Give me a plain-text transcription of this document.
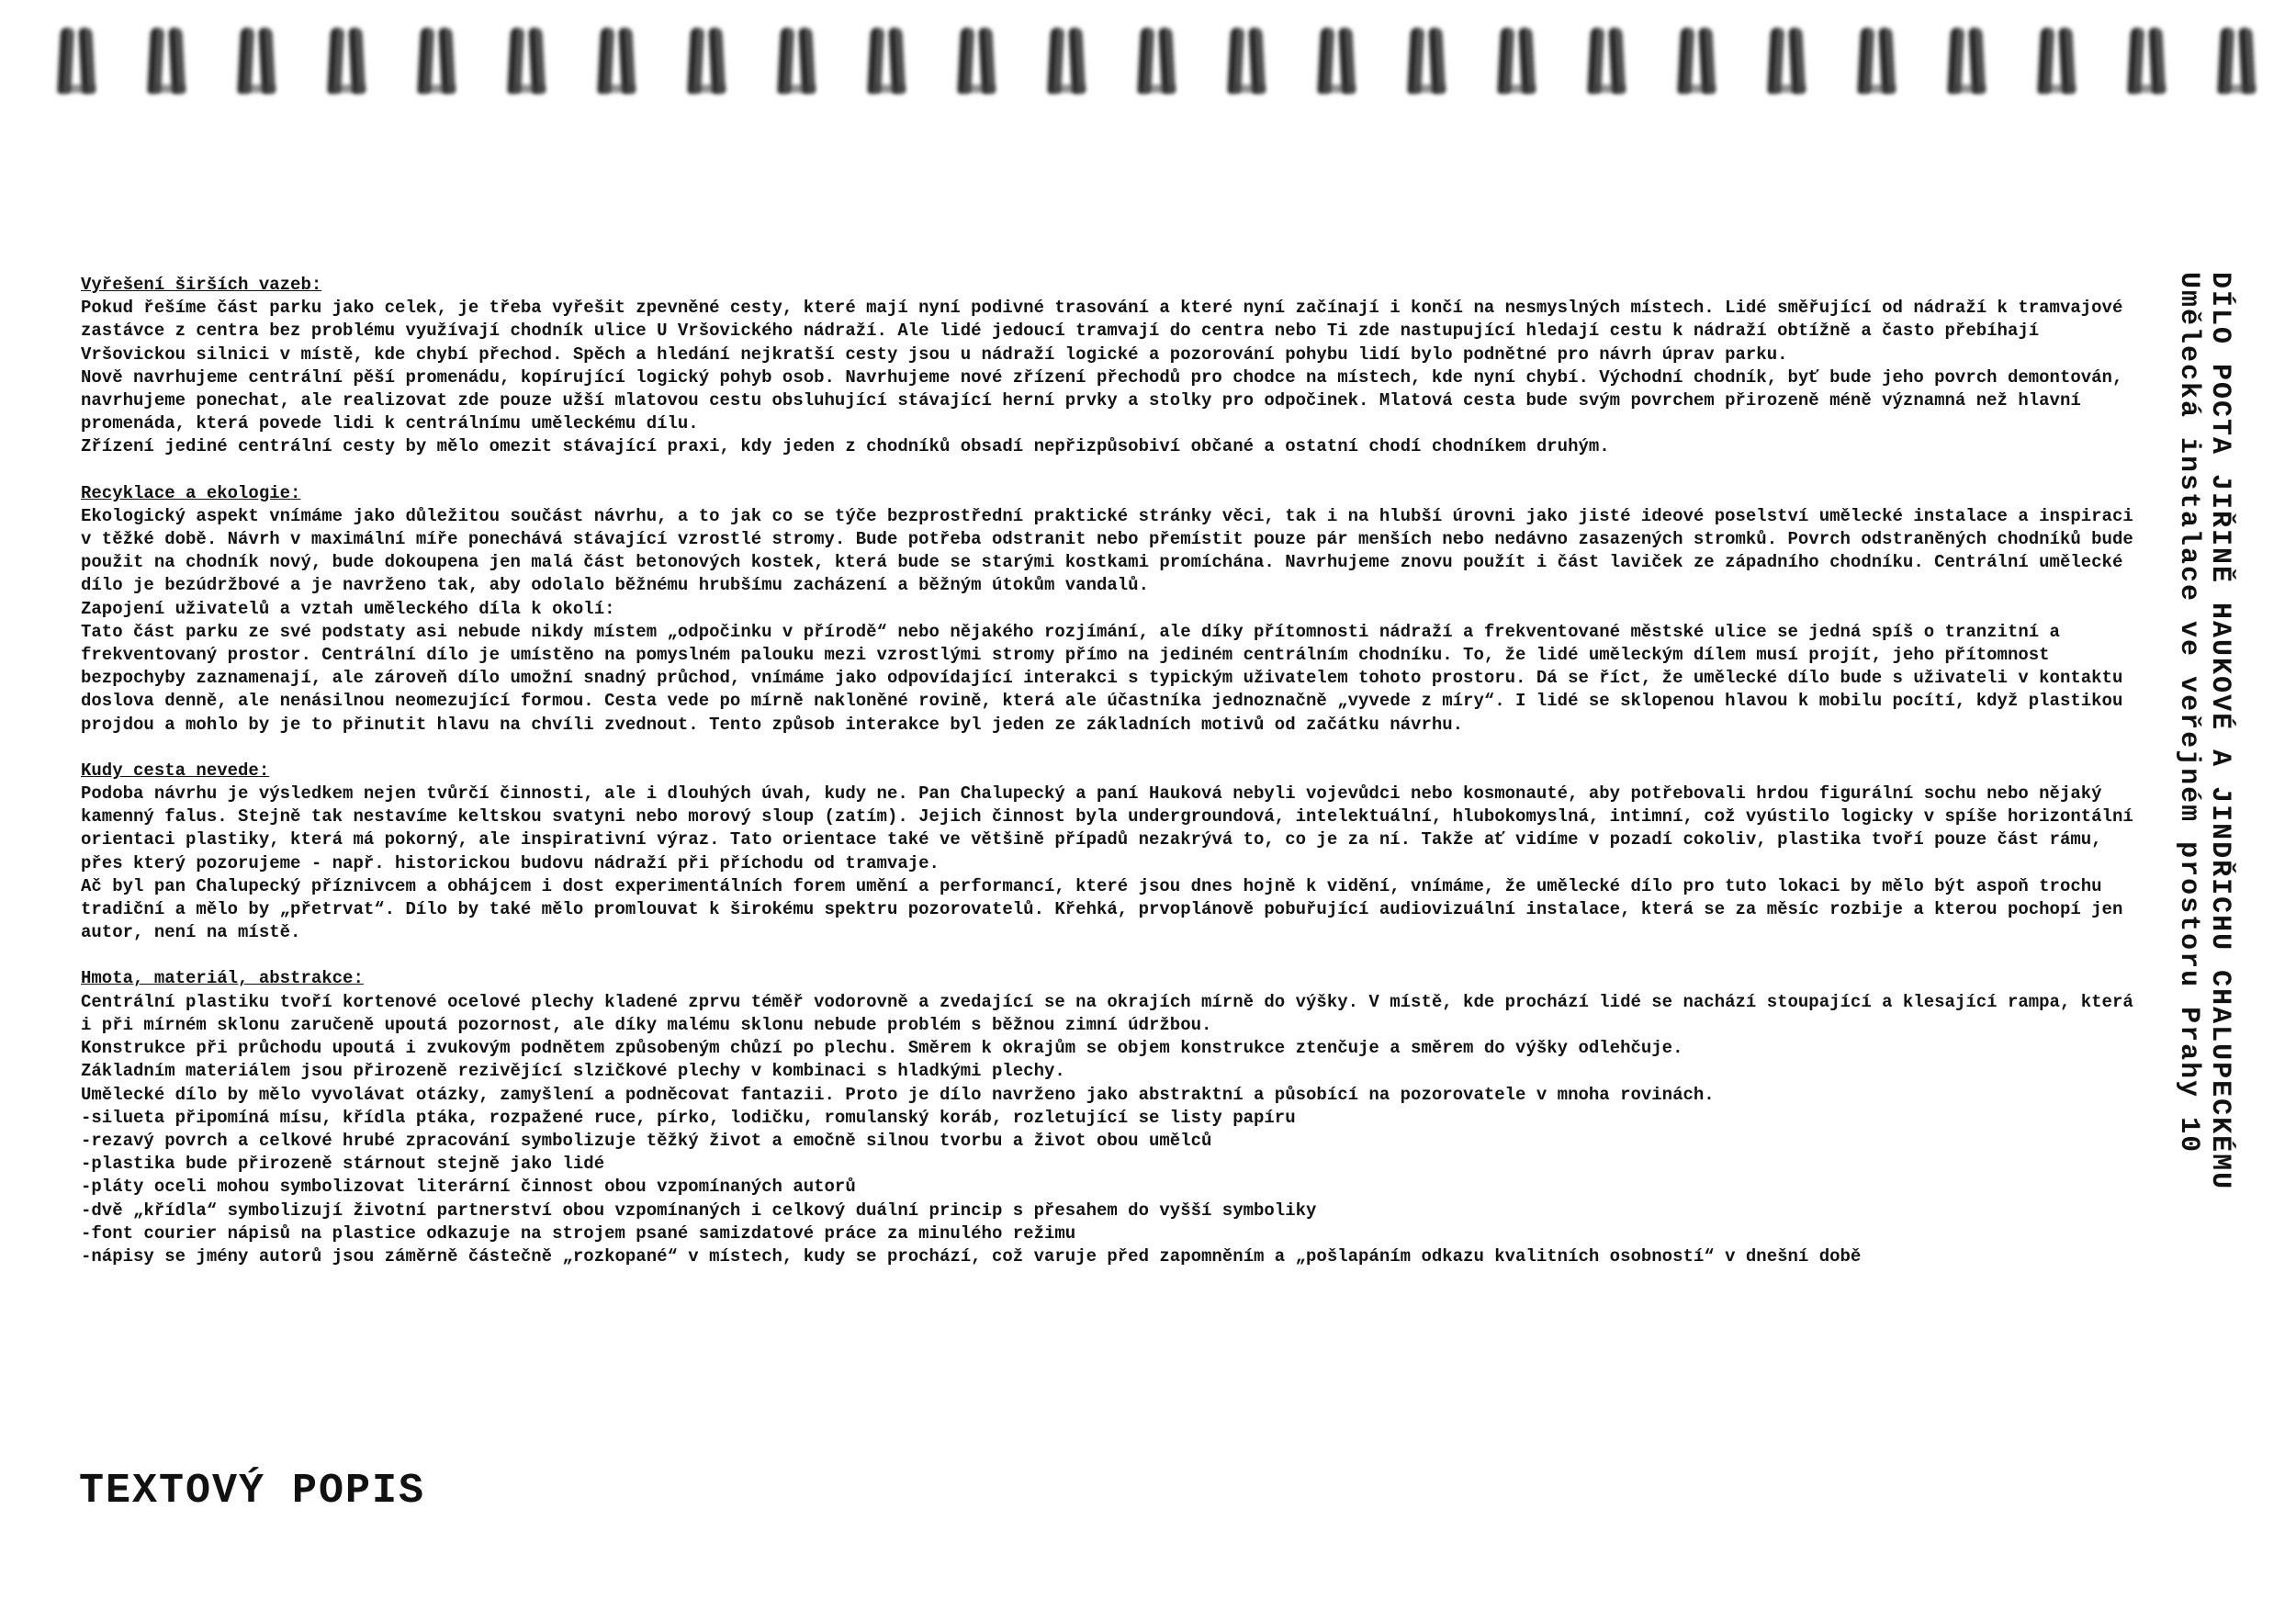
Vyřešení širších vazeb :
Pokud řešíme část parku jako celek, je třeba vyřešit zpevněné cesty, které mají nyní podivné trasování a které nyní začínají i končí na nesmyslných místech. Lidé směřující od nádraží k tramvajové zastávce z centra bez problému využívají chodník ulice U Vršovického nádraží. Ale lidé jedoucí tramvají do centra nebo Ti zde nastupující hledají cestu k nádraží obtížně a často přebíhají Vršovickou silnici v místě, kde chybí přechod. Spěch a hledání nejkratší cesty jsou u nádraží logické a pozorování pohybu lidí bylo podnětné pro návrh úprav parku.
Nově navrhujeme centrální pěší promenádu, kopírující logický pohyb osob. Navrhujeme nové zřízení přechodů pro chodce na místech, kde nyní chybí. Východní chodník, byť bude jeho povrch demontován, navrhujeme ponechat, ale realizovat zde pouze užší mlatovou cestu obsluhující stávající herní prvky a stolky pro odpočinek. Mlatová cesta bude svým povrchem přirozeně méně významná než hlavní promenáda, která povede lidi k centrálnímu uměleckému dílu.
Zřízení jediné centrální cesty by mělo omezit stávající praxi, kdy jeden z chodníků obsadí nepřizpůsobiví občané a ostatní chodí chodníkem druhým.
Recyklace a ekologie :
Ekologický aspekt vnímáme jako důležitou součást návrhu, a to jak co se týče bezprostřední praktické stránky věci, tak i na hlubší úrovni jako jisté ideové poselství umělecké instalace a inspiraci v těžké době. Návrh v maximální míře ponechává stávající vzrostlé stromy. Bude potřeba odstranit nebo přemístit pouze pár menších nebo nedávno zasazených stromků. Povrch odstraněných chodníků bude použit na chodník nový, bude dokoupena jen malá část betonových kostek, která bude se starými kostkami promíchána. Navrhujeme znovu použít i část laviček ze západního chodníku. Centrální umělecké dílo je bezúdržbové a je navrženo tak, aby odolalo běžnému hrubšímu zacházení a běžným útokům vandalů.
Zapojení uživatelů a vztah uměleckého díla k okolí:
Tato část parku ze své podstaty asi nebude nikdy místem „odpočinku v přírodě“ nebo nějakého rozjímání, ale díky přítomnosti nádraží a frekventované městské ulice se jedná spíš o tranzitní a frekventovaný prostor. Centrální dílo je umístěno na pomyslném palouku mezi vzrostlými stromy přímo na jediném centrálním chodníku. To, že lidé uměleckým dílem musí projít, jeho přítomnost bezpochyby zaznamenají, ale zároveň dílo umožní snadný průchod, vnímáme jako odpovídající interakci s typickým uživatelem tohoto prostoru. Dá se říct, že umělecké dílo bude s uživateli v kontaktu doslova denně, ale nenásilnou neomezující formou. Cesta vede po mírně nakloněné rovině, která ale účastníka jednoznačně „vyvede z míry“. I lidé se sklopenou hlavou k mobilu pocítí, když plastikou projdou a mohlo by je to přinutit hlavu na chvíli zvednout. Tento způsob interakce byl jeden ze základních motivů od začátku návrhu.
Kudy cesta nevede :
Podoba návrhu je výsledkem nejen tvůrčí činnosti, ale i dlouhých úvah, kudy ne. Pan Chalupecký a paní Hauková nebyli vojevůdci nebo kosmonauté, aby potřebovali hrdou figurální sochu nebo nějaký kamenný falus. Stejně tak nestavíme keltskou svatyni nebo morový sloup (zatím). Jejich činnost byla undergroundová, intelektuální, hlubokomyslná, intimní, což vyústilo logicky v spíše horizontální orientaci plastiky, která má pokorný, ale inspirativní výraz. Tato orientace také ve většině případů nezakrývá to, co je za ní. Takže ať vidíme v pozadí cokoliv, plastika tvoří pouze část rámu, přes který pozorujeme - např. historickou budovu nádraží při příchodu od tramvaje.
Ač byl pan Chalupecký příznivcem a obhájcem i dost experimentálních forem umění a performancí, které jsou dnes hojně k vidění, vnímáme, že umělecké dílo pro tuto lokaci by mělo být aspoň trochu tradiční a mělo by „přetrvat“. Dílo by také mělo promlouvat k širokému spektru pozorovatelů. Křehká, prvoplánově pobuřující audiovizuální instalace, která se za měsíc rozbije a kterou pochopí jen autor, není na místě.
Hmota, materiál, abstrakce :
Centrální plastiku tvoří kortenové ocelové plechy kladené zprvu téměř vodorovně a zvedající se na okrajích mírně do výšky. V místě, kde prochází lidé se nachází stoupající a klesající rampa, která i při mírném sklonu zaručeně upoutá pozornost, ale díky malému sklonu nebude problém s běžnou zimní údržbou.
Konstrukce při průchodu upoutá i zvukovým podnětem způsobeným chůzí po plechu. Směrem k okrajům se objem konstrukce ztenčuje a směrem do výšky odlehčuje.
Základním materiálem jsou přirozeně rezivějící slzičkové plechy v kombinaci s hladkými plechy.
Umělecké dílo by mělo vyvolávat otázky, zamyšlení a podněcovat fantazii. Proto je dílo navrženo jako abstraktní a působící na pozorovatele v mnoha rovinách.
-silueta připomíná mísu, křídla ptáka, rozpažené ruce, pírko, lodičku, romulanský koráb, rozletující se listy papíru
-rezavý povrch a celkové hrubé zpracování symbolizuje těžký život a emočně silnou tvorbu a život obou umělců
-plastika bude přirozeně stárnout stejně jako lidé
-pláty oceli mohou symbolizovat literární činnost obou vzpomínaných autorů
-dvě „křídla“ symbolizují životní partnerství obou vzpomínaných i celkový duální princip s přesahem do vyšší symboliky
-font courier nápisů na plastice odkazuje na strojem psané samizdatové práce za minulého režimu
-nápisy se jmény autorů jsou záměrně částečně „rozkopané“ v místech, kudy se prochází, což varuje před zapomněním a „pošlapáním odkazu kvalitních osobností“ v dnešní době
DÍLO POCTA JIŘINĚ HAUKOVÉ A JINDŘICHU CHALUPECKÉMU
Umělecká instalace ve veřejném prostoru Prahy 10
TEXTOVÝ POPIS
